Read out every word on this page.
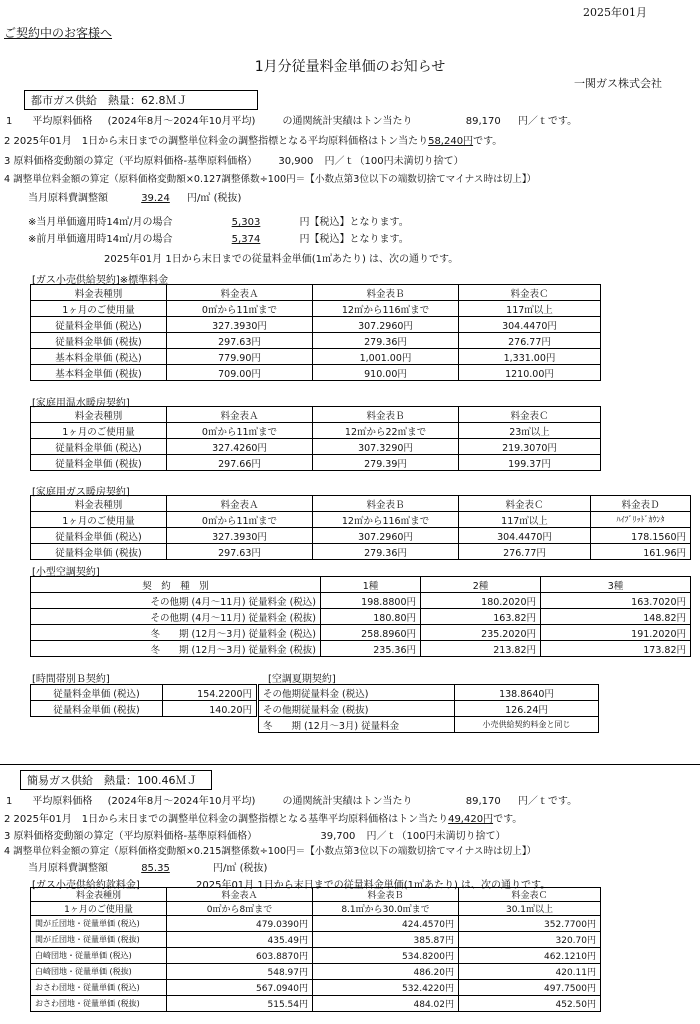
2025年01月
ご契約中のお客様へ
1月分従量料金単価のお知らせ
一関ガス株式会社
都市ガス供給　熱量：62.8ＭＪ
1　　平均原料価格 (2024年8月～2024年10月平均)	の通関統計実績はトン当たり	89,170 円／ｔです。
2 2025年01月　1日から末日までの調整単位料金の調整指標となる平均原料価格はトン当たり58,240円です。
3 原料価格変動額の算定（平均原料価格-基準原料価格） 30,900 円／ｔ（100円未満切り捨て）
4 調整単位料金額の算定（原料価格変動額×0.127調整係数÷100円＝【小数点第3位以下の端数切捨てマイナス時は切上】）
当月原料費調整額	39.24 円/㎥ (税抜)
※当月単価適用時14㎥/月の場合	5,303	円【税込】となります。
※前月単価適用時14㎥/月の場合	5,374	円【税込】となります。
2025年01月 1日から末日までの従量料金単価(1㎥あたり) は、次の通りです。
[ガス小売供給契約]※標準料金
料金表種別	料金表Ａ	料金表Ｂ	料金表Ｃ
1ヶ月のご使用量	0㎥から11㎥まで	12㎥から116㎥まで	117㎥以上
従量料金単価 (税込)	327.3930円	307.2960円	304.4470円
従量料金単価 (税抜)	297.63円	279.36円	276.77円
基本料金単価 (税込)	779.90円	1,001.00円	1,331.00円
基本料金単価 (税抜)	709.00円	910.00円	1210.00円
[家庭用温水暖房契約]
料金表種別	料金表Ａ	料金表Ｂ	料金表Ｃ
1ヶ月のご使用量	0㎥から11㎥まで	12㎥から22㎥まで	23㎥以上
従量料金単価 (税込)	327.4260円	307.3290円	219.3070円
従量料金単価 (税抜)	297.66円	279.39円	199.37円
[家庭用ガス暖房契約]
料金表種別	料金表Ａ	料金表Ｂ	料金表Ｃ	料金表Ｄ
1ヶ月のご使用量	0㎥から11㎥まで	12㎥から116㎥まで	117㎥以上	ﾊｲﾌﾞﾘｯﾄﾞｶｳﾝﾀ
従量料金単価 (税込)	327.3930円	307.2960円	304.4470円	178.1560円
従量料金単価 (税抜)	297.63円	279.36円	276.77円	161.96円
[小型空調契約]
契　約　種　別	1種	2種	3種
その他期 (4月～11月) 従量料金 (税込)	198.8800円	180.2020円	163.7020円
その他期 (4月～11月) 従量料金 (税抜)	180.80円	163.82円	148.82円
冬　　期 (12月～3月) 従量料金 (税込)	258.8960円	235.2020円	191.2020円
冬　　期 (12月～3月) 従量料金 (税抜)	235.36円	213.82円	173.82円
[時間帯別Ｂ契約]
従量料金単価 (税込)	154.2200円
従量料金単価 (税抜)	140.20円
[空調夏期契約]
その他期従量料金 (税込)	138.8640円
その他期従量料金 (税抜)	126.24円
冬　　期 (12月～3月) 従量料金	小売供給契約料金と同じ
簡易ガス供給　熱量：100.46ＭＪ
1　　平均原料価格 (2024年8月～2024年10月平均)	の通関統計実績はトン当たり	89,170 円／ｔです。
2 2025年01月　1日から末日までの調整単位料金の調整指標となる基準平均原料価格はトン当たり49,420円です。
3 原料価格変動額の算定（平均原料価格-基準原料価格）	39,700 円／ｔ（100円未満切り捨て）
4 調整単位料金額の算定（原料価格変動額×0.215調整係数÷100円＝【小数点第3位以下の端数切捨てマイナス時は切上】）
当月原料費調整額	85.35	円/㎥ (税抜)
[ガス小売供給約款料金]	2025年01月 1日から末日までの従量料金単価(1㎥あたり) は、次の通りです。
料金表種別	料金表Ａ	料金表Ｂ	料金表Ｃ
1ヶ月のご使用量	0㎥から8㎥まで	8.1㎥から30.0㎥まで	30.1㎥以上
関が丘団地・従量単価 (税込)	479.0390円	424.4570円	352.7700円
関が丘団地・従量単価 (税抜)	435.49円	385.87円	320.70円
白崎団地・従量単価 (税込)	603.8870円	534.8200円	462.1210円
白崎団地・従量単価 (税抜)	548.97円	486.20円	420.11円
おさわ団地・従量単価 (税込)	567.0940円	532.4220円	497.7500円
おさわ団地・従量単価 (税抜)	515.54円	484.02円	452.50円
